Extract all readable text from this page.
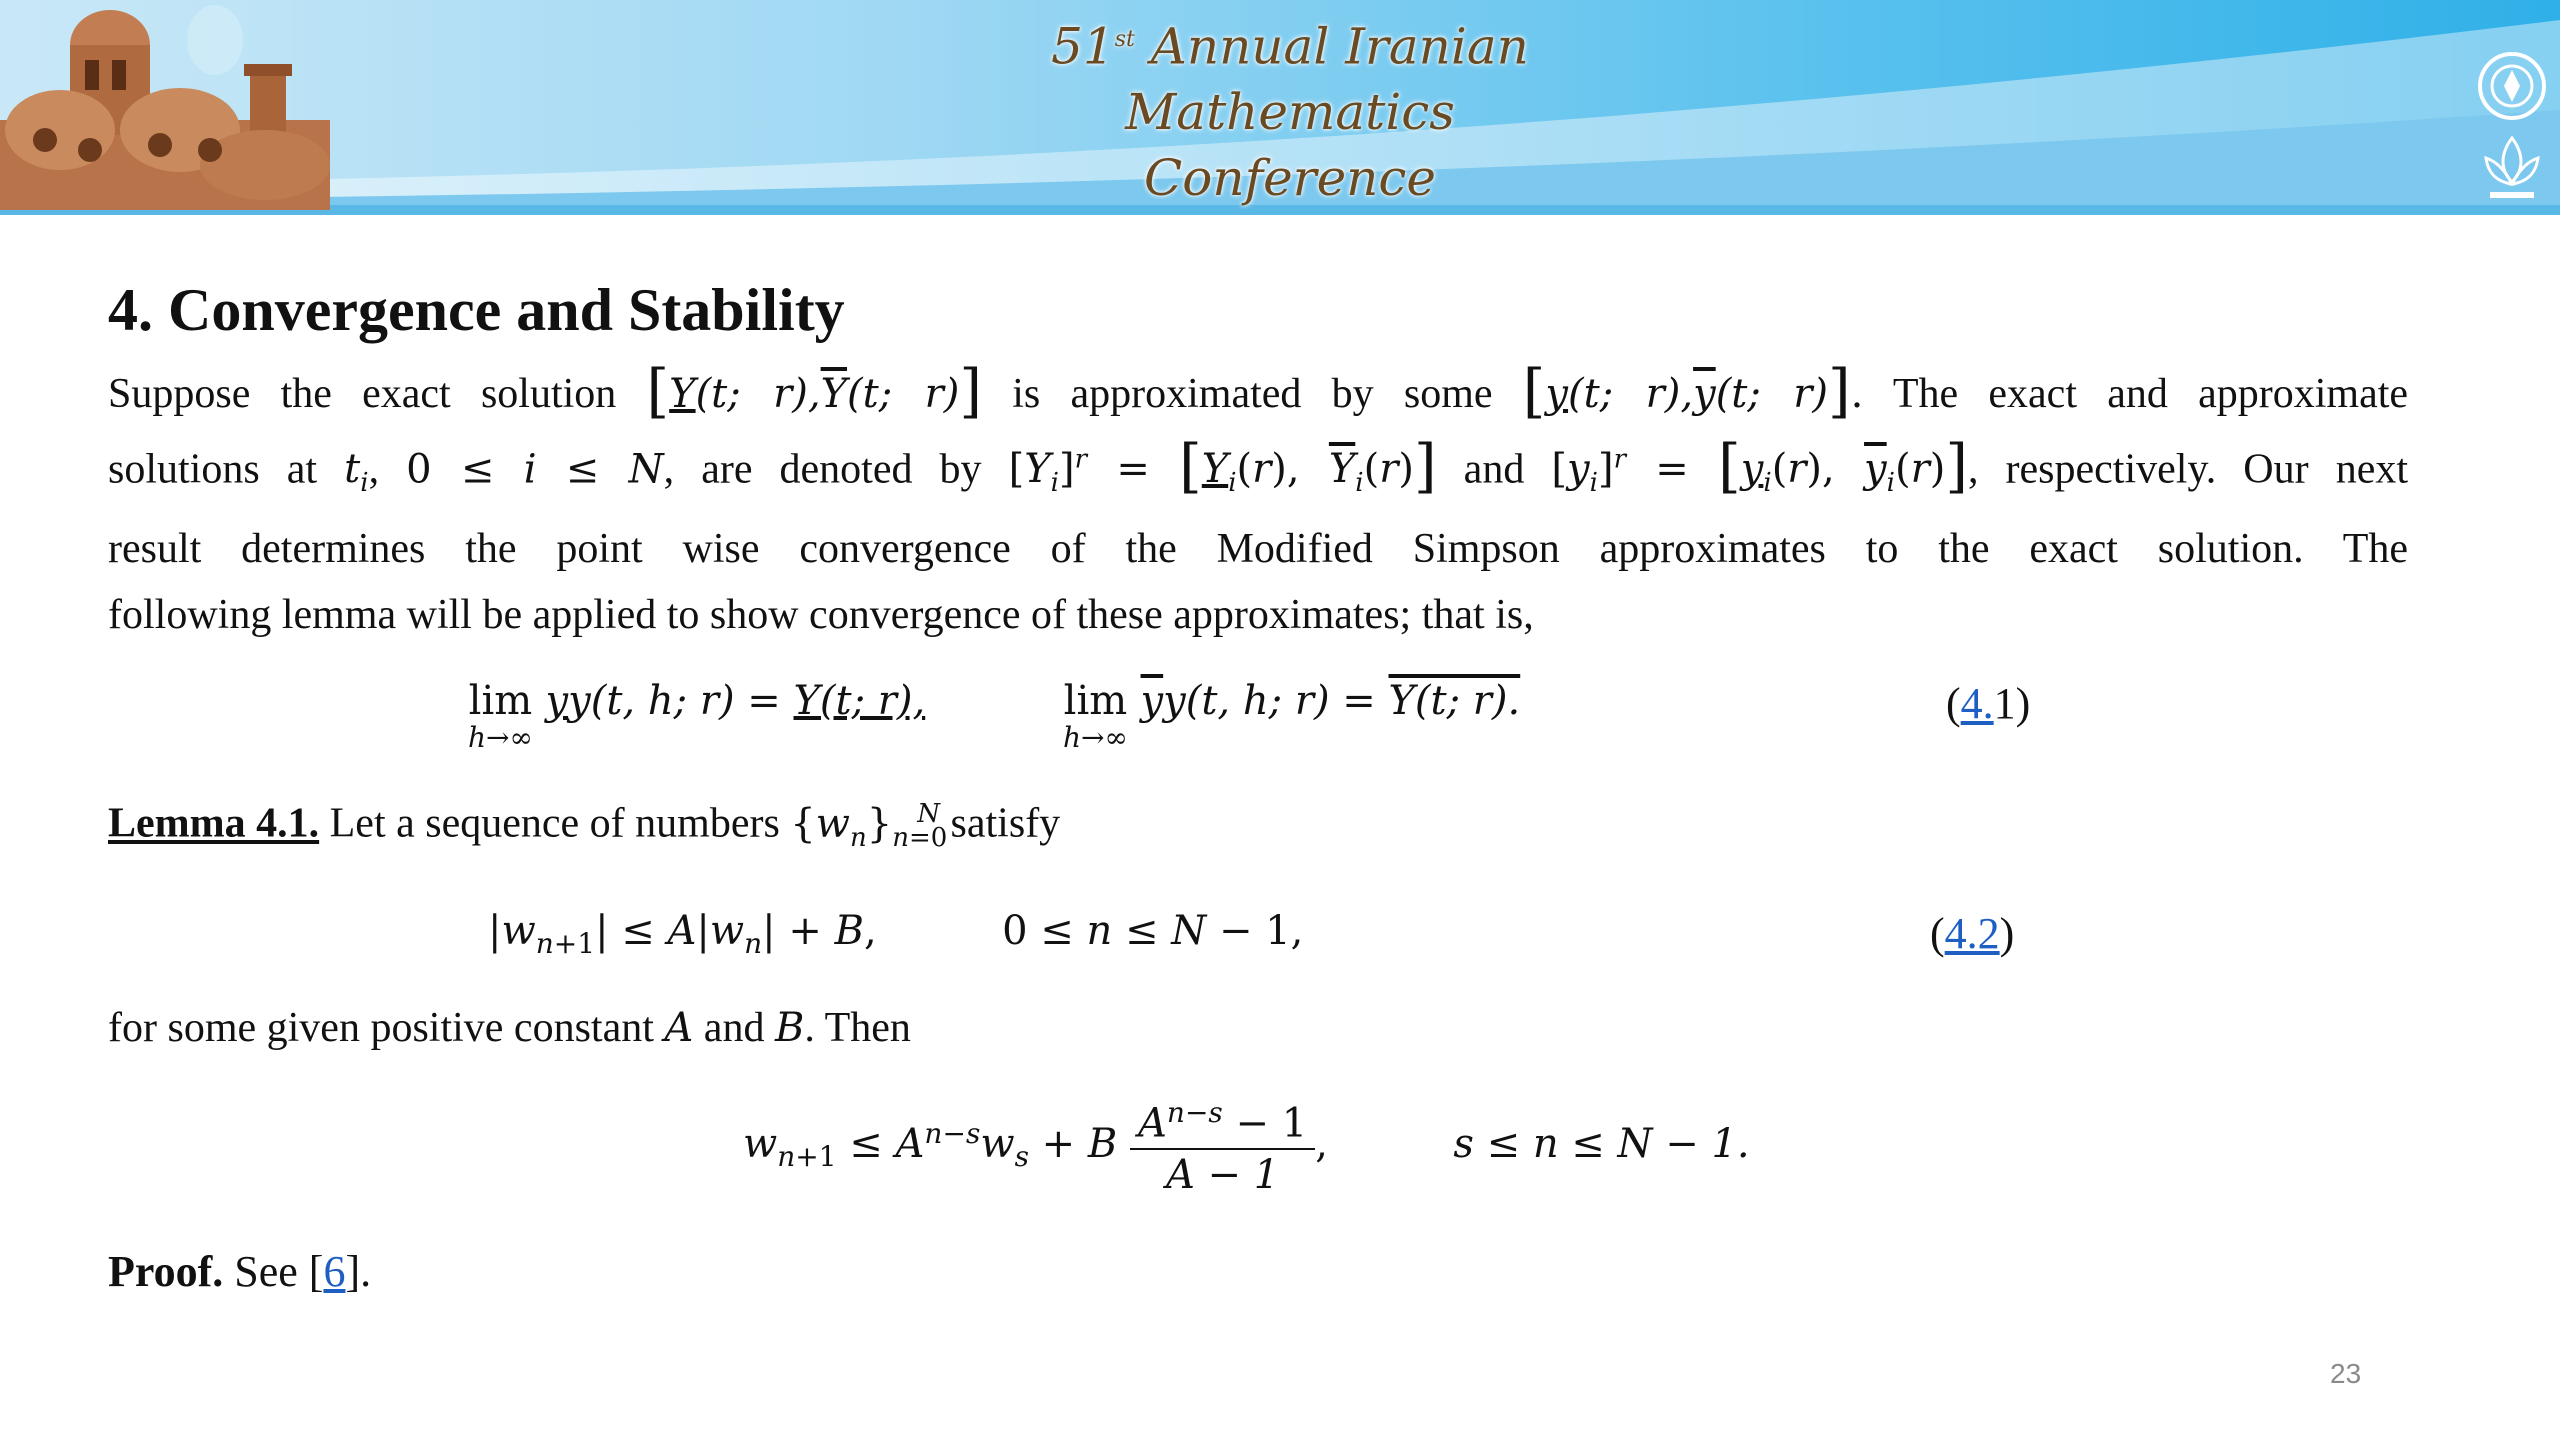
51st Annual Iranian
Mathematics Conference
4. Convergence and Stability
Suppose the exact solution [Y(t; $r),\overline{Y}(t$; r)] is approximated by some [y(t; $r),\overline{y}(t$; r)]. The exact and approximate
solutions at $t_i$, 0 ≤ i ≤ N, are denoted by $[Y_i]^r = [Y_i(r)$, $\overline{Y}_i(r)$] and $[y_i]^r = [y_i(r)$, $\overline{y}_i(r)$], respectively. Our next
result determines the point wise convergence of the Modified Simpson approximates to the exact solution. The
following lemma will be applied to show convergence of these approximates; that is,
lim
h→∞
yy(t, h; r) = Y(t; r),	lim
h→∞
$\overline{y}y(t$, h; r) = Y(t; r).	(4.1)
Lemma 4.1. Let a sequence of numbers $\{w_n\}_{n=0}^N$ satisfy
$|w_{n+1}| \le A|w_n| + B$,	0 ≤ n ≤ N − 1,	(4.2)
for some given positive constant A and B. Then
$w_{n+1} \le A^{n-s}w_s + B \frac{A^{n-s} - 1}{A - 1}$ ,	s ≤ n ≤ N − 1.
Proof. See [6].
23
